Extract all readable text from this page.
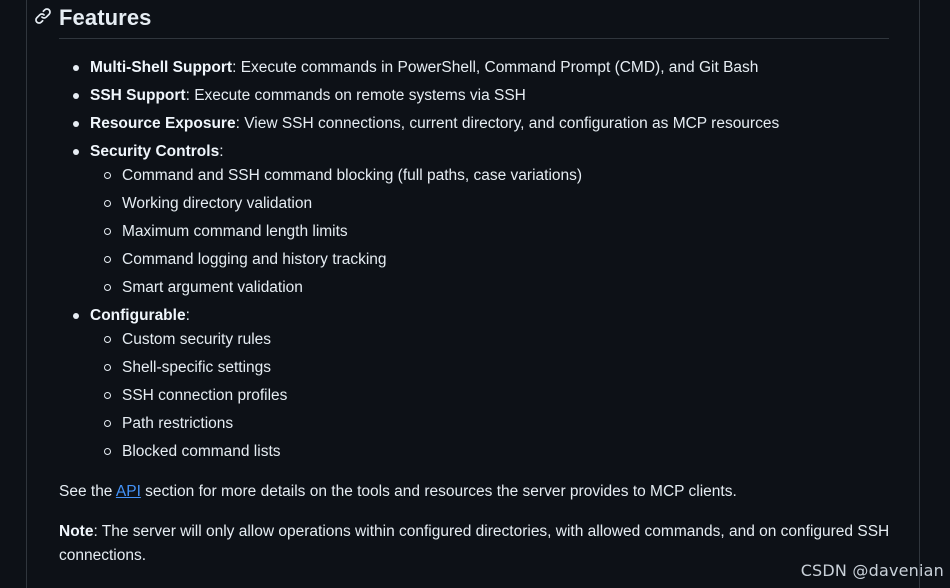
Features
Multi-Shell Support: Execute commands in PowerShell, Command Prompt (CMD), and Git Bash
SSH Support: Execute commands on remote systems via SSH
Resource Exposure: View SSH connections, current directory, and configuration as MCP resources
Security Controls:
Command and SSH command blocking (full paths, case variations)
Working directory validation
Maximum command length limits
Command logging and history tracking
Smart argument validation
Configurable:
Custom security rules
Shell-specific settings
SSH connection profiles
Path restrictions
Blocked command lists

See the API section for more details on the tools and resources the server provides to MCP clients.

Note: The server will only allow operations within configured directories, with allowed commands, and on configured SSH connections.

CSDN @davenian
